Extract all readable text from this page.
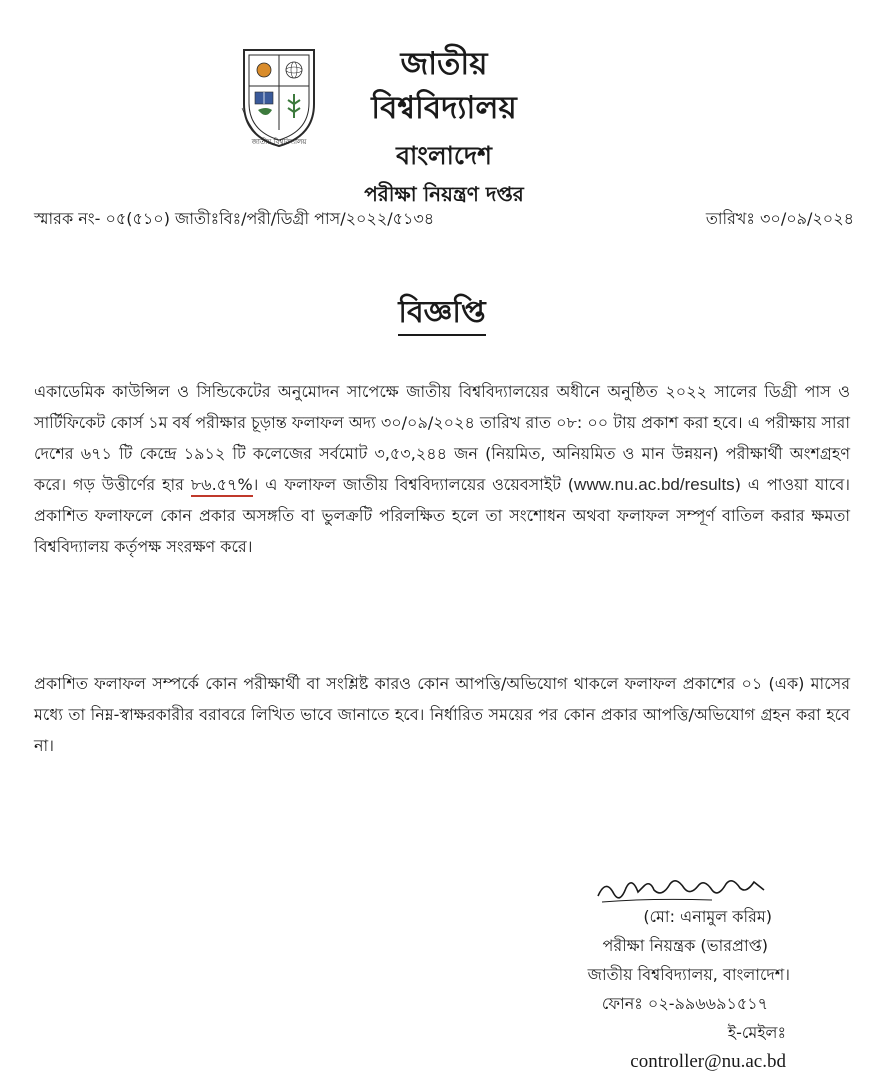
জাতীয় বিশ্ববিদ্যালয়
জাতীয় বিশ্ববিদ্যালয়
বাংলাদেশ
পরীক্ষা নিয়ন্ত্রণ দপ্তর
স্মারক নং- ০৫(৫১০) জাতীঃবিঃ/পরী/ডিগ্রী পাস/২০২২/৫১৩৪	তারিখঃ ৩০/০৯/২০২৪
বিজ্ঞপ্তি

একাডেমিক কাউন্সিল ও সিন্ডিকেটের অনুমোদন সাপেক্ষে জাতীয় বিশ্ববিদ্যালয়ের অধীনে অনুষ্ঠিত ২০২২ সালের ডিগ্রী পাস ও সার্টিফিকেট কোর্স ১ম বর্ষ পরীক্ষার চূড়ান্ত ফলাফল অদ্য ৩০/০৯/২০২৪ তারিখ রাত ০৮: ০০ টায় প্রকাশ করা হবে। এ পরীক্ষায় সারা দেশের ৬৭১ টি কেন্দ্রে ১৯১২ টি কলেজের সর্বমোট ৩,৫৩,২৪৪ জন (নিয়মিত, অনিয়মিত ও মান উন্নয়ন) পরীক্ষার্থী অংশগ্রহণ করে। গড় উত্তীর্ণের হার ৮৬.৫৭%। এ ফলাফল জাতীয় বিশ্ববিদ্যালয়ের ওয়েবসাইট (www.nu.ac.bd/results) এ পাওয়া যাবে। প্রকাশিত ফলাফলে কোন প্রকার অসঙ্গতি বা ভুলক্রটি পরিলক্ষিত হলে তা সংশোধন অথবা ফলাফল সম্পূর্ণ বাতিল করার ক্ষমতা বিশ্ববিদ্যালয় কর্তৃপক্ষ সংরক্ষণ করে।

প্রকাশিত ফলাফল সম্পর্কে কোন পরীক্ষার্থী বা সংশ্লিষ্ট কারও কোন আপত্তি/অভিযোগ থাকলে ফলাফল প্রকাশের ০১ (এক) মাসের মধ্যে তা নিম্ন-স্বাক্ষরকারীর বরাবরে লিখিত ভাবে জানাতে হবে। নির্ধারিত সময়ের পর কোন প্রকার আপত্তি/অভিযোগ গ্রহন করা হবে না।

(মো: এনামুল করিম)
পরীক্ষা নিয়ন্ত্রক (ভারপ্রাপ্ত)
জাতীয় বিশ্ববিদ্যালয়, বাংলাদেশ।
ফোনঃ ০২-৯৯৬৬৯১৫১৭
ই-মেইলঃ
controller@nu.ac.bd
